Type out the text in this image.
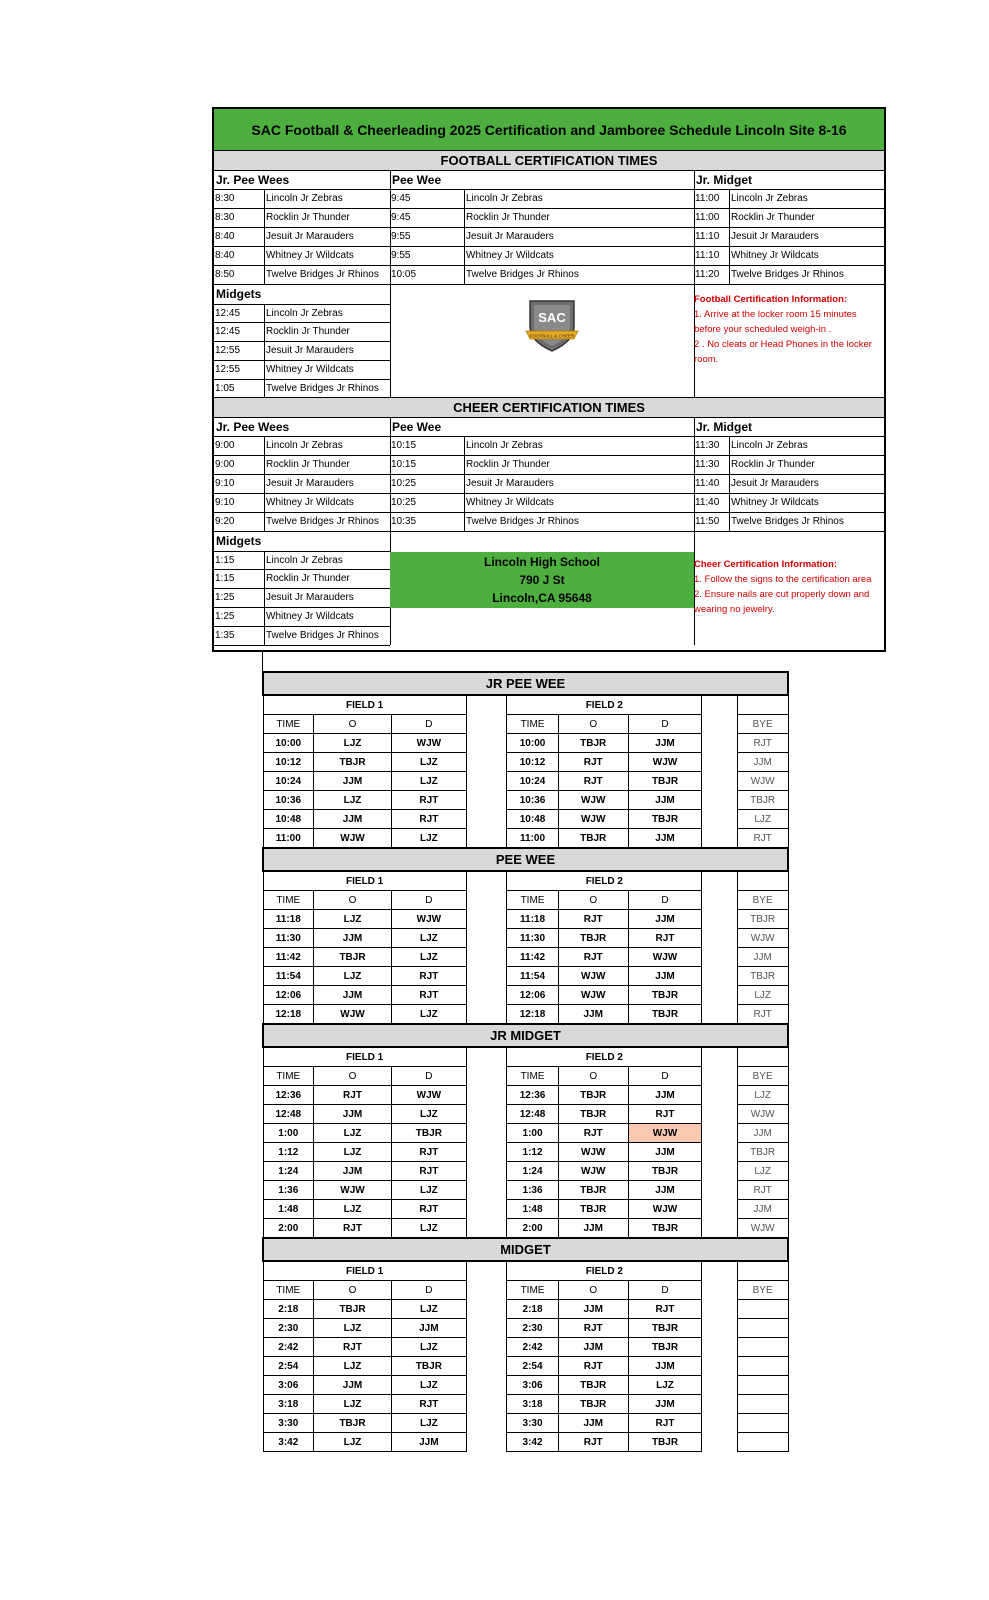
SAC Football & Cheerleading 2025 Certification and Jamboree Schedule Lincoln Site 8-16
FOOTBALL CERTIFICATION TIMES
Jr. Pee Wees
8:30	Lincoln Jr Zebras
8:30	Rocklin Jr Thunder
8:40	Jesuit Jr Marauders
8:40	Whitney Jr Wildcats
8:50	Twelve Bridges Jr Rhinos
Pee Wee
9:45	Lincoln Jr Zebras
9:45	Rocklin Jr Thunder
9:55	Jesuit Jr Marauders
9:55	Whitney Jr Wildcats
10:05	Twelve Bridges Jr Rhinos
Jr. Midget
11:00 Lincoln Jr Zebras
11:00 Rocklin Jr Thunder
11:10 Jesuit Jr Marauders
11:10 Whitney Jr Wildcats
11:20 Twelve Bridges Jr Rhinos
Midgets
12:45	Lincoln Jr Zebras
12:45	Rocklin Jr Thunder
12:55	Jesuit Jr Marauders
12:55	Whitney Jr Wildcats
1:05	Twelve Bridges Jr Rhinos
SAC
FOOTBALL & CHEER
Football Certification Information:
1. Arrive at the locker room 15 minutes before your scheduled weigh-in .
2 . No cleats or Head Phones in the locker room.
CHEER CERTIFICATION TIMES
Jr. Pee Wees
9:00	Lincoln Jr Zebras
9:00	Rocklin Jr Thunder
9:10	Jesuit Jr Marauders
9:10	Whitney Jr Wildcats
9:20	Twelve Bridges Jr Rhinos
Pee Wee
10:15	Lincoln Jr Zebras
10:15	Rocklin Jr Thunder
10:25	Jesuit Jr Marauders
10:25	Whitney Jr Wildcats
10:35	Twelve Bridges Jr Rhinos
Jr. Midget
11:30 Lincoln Jr Zebras
11:30 Rocklin Jr Thunder
11:40 Jesuit Jr Marauders
11:40 Whitney Jr Wildcats
11:50 Twelve Bridges Jr Rhinos
Midgets
1:15	Lincoln Jr Zebras
1:15	Rocklin Jr Thunder
1:25	Jesuit Jr Marauders
1:25	Whitney Jr Wildcats
1:35	Twelve Bridges Jr Rhinos
Lincoln High School
790 J St
Lincoln,CA 95648
Cheer Certification Information:
1. Follow the signs to the certification area
2. Ensure nails are cut properly down and wearing no jewelry.
JR PEE WEE								
FIELD 1				FIELD 2				
TIME	O	D		TIME	O	D		BYE
10:00	LJZ	WJW		10:00	TBJR	JJM		RJT
10:12	TBJR	LJZ		10:12	RJT	WJW		JJM
10:24	JJM	LJZ		10:24	RJT	TBJR		WJW
10:36	LJZ	RJT		10:36	WJW	JJM		TBJR
10:48	JJM	RJT		10:48	WJW	TBJR		LJZ
11:00	WJW	LJZ		11:00	TBJR	JJM		RJT
PEE WEE								
FIELD 1				FIELD 2				
TIME	O	D		TIME	O	D		BYE
11:18	LJZ	WJW		11:18	RJT	JJM		TBJR
11:30	JJM	LJZ		11:30	TBJR	RJT		WJW
11:42	TBJR	LJZ		11:42	RJT	WJW		JJM
11:54	LJZ	RJT		11:54	WJW	JJM		TBJR
12:06	JJM	RJT		12:06	WJW	TBJR		LJZ
12:18	WJW	LJZ		12:18	JJM	TBJR		RJT
JR MIDGET								
FIELD 1				FIELD 2				
TIME	O	D		TIME	O	D		BYE
12:36	RJT	WJW		12:36	TBJR	JJM		LJZ
12:48	JJM	LJZ		12:48	TBJR	RJT		WJW
1:00	LJZ	TBJR		1:00	RJT	WJW		JJM
1:12	LJZ	RJT		1:12	WJW	JJM		TBJR
1:24	JJM	RJT		1:24	WJW	TBJR		LJZ
1:36	WJW	LJZ		1:36	TBJR	JJM		RJT
1:48	LJZ	RJT		1:48	TBJR	WJW		JJM
2:00	RJT	LJZ		2:00	JJM	TBJR		WJW
MIDGET								
FIELD 1				FIELD 2				
TIME	O	D		TIME	O	D		BYE
2:18	TBJR	LJZ		2:18	JJM	RJT		
2:30	LJZ	JJM		2:30	RJT	TBJR		
2:42	RJT	LJZ		2:42	JJM	TBJR		
2:54	LJZ	TBJR		2:54	RJT	JJM		
3:06	JJM	LJZ		3:06	TBJR	LJZ		
3:18	LJZ	RJT		3:18	TBJR	JJM		
3:30	TBJR	LJZ		3:30	JJM	RJT		
3:42	LJZ	JJM		3:42	RJT	TBJR		
